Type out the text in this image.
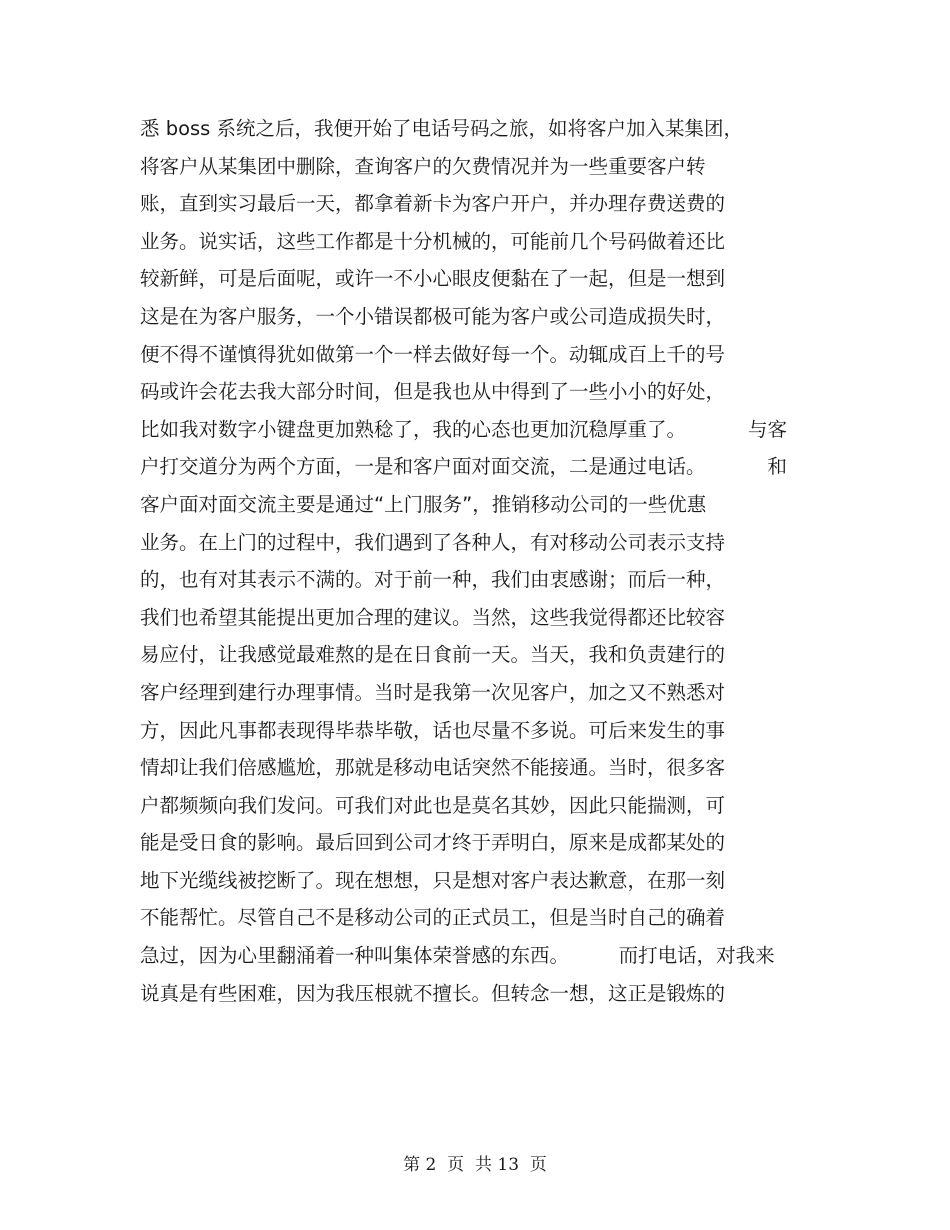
悉 boss 系统之后，我便开始了电话号码之旅，如将客户加入某集团，
将客户从某集团中删除，查询客户的欠费情况并为一些重要客户转
账，直到实习最后一天，都拿着新卡为客户开户，并办理存费送费的
业务。说实话，这些工作都是十分机械的，可能前几个号码做着还比
较新鲜，可是后面呢，或许一不小心眼皮便黏在了一起，但是一想到
这是在为客户服务，一个小错误都极可能为客户或公司造成损失时，
便不得不谨慎得犹如做第一个一样去做好每一个。动辄成百上千的号
码或许会花去我大部分时间，但是我也从中得到了一些小小的好处，
比如我对数字小键盘更加熟稔了，我的心态也更加沉稳厚重了。          与客
户打交道分为两个方面，一是和客户面对面交流，二是通过电话。          和
客户面对面交流主要是通过“上门服务”，推销移动公司的一些优惠
业务。在上门的过程中，我们遇到了各种人，有对移动公司表示支持
的，也有对其表示不满的。对于前一种，我们由衷感谢；而后一种，
我们也希望其能提出更加合理的建议。当然，这些我觉得都还比较容
易应付，让我感觉最难熬的是在日食前一天。当天，我和负责建行的
客户经理到建行办理事情。当时是我第一次见客户，加之又不熟悉对
方，因此凡事都表现得毕恭毕敬，话也尽量不多说。可后来发生的事
情却让我们倍感尴尬，那就是移动电话突然不能接通。当时，很多客
户都频频向我们发问。可我们对此也是莫名其妙，因此只能揣测，可
能是受日食的影响。最后回到公司才终于弄明白，原来是成都某处的
地下光缆线被挖断了。现在想想，只是想对客户表达歉意，在那一刻
不能帮忙。尽管自己不是移动公司的正式员工，但是当时自己的确着
急过，因为心里翻涌着一种叫集体荣誉感的东西。        而打电话，对我来
说真是有些困难，因为我压根就不擅长。但转念一想，这正是锻炼的
第 2  页  共 13  页
